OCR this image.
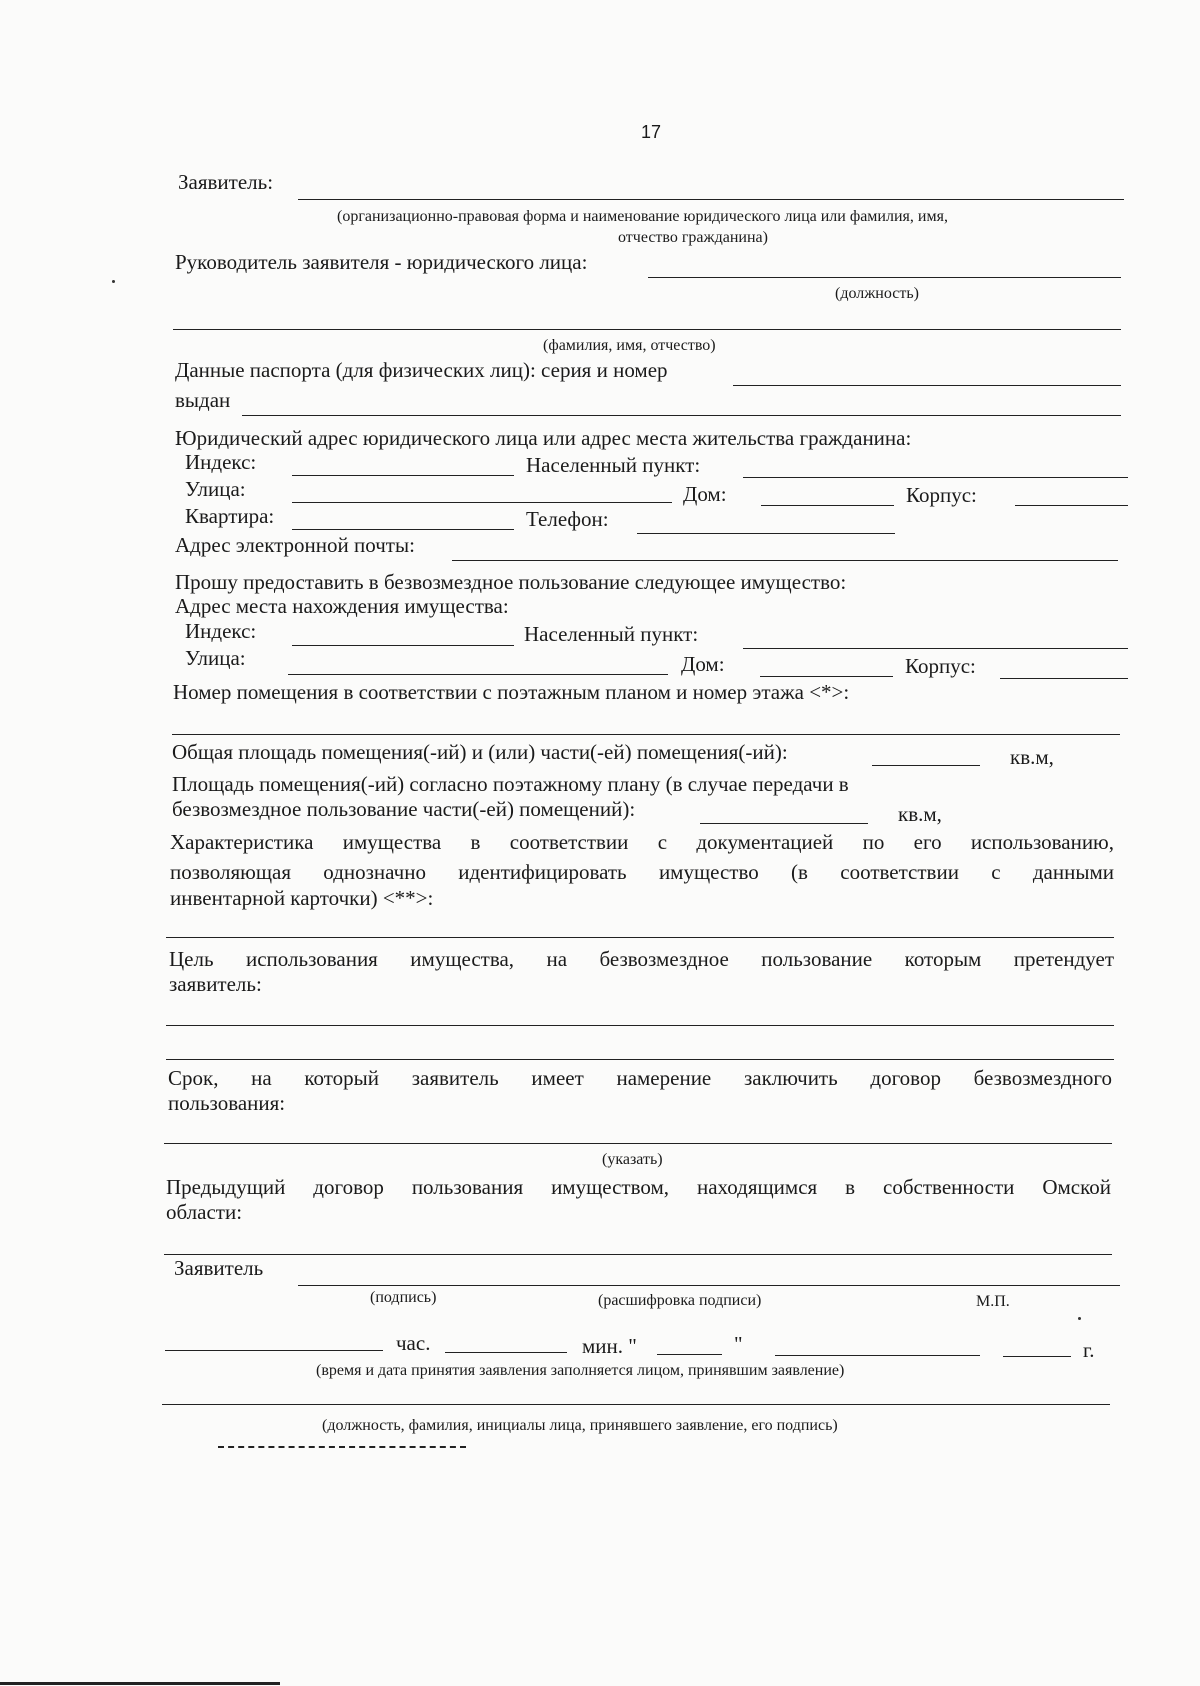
17
Заявитель:
(организационно-правовая форма и наименование юридического лица или фамилия, имя,
отчество гражданина)
Руководитель заявителя - юридического лица:
(должность)
(фамилия, имя, отчество)
Данные паспорта (для физических лиц): серия и номер
выдан
Юридический адрес юридического лица или адрес места жительства гражданина:
Индекс:	Населенный пункт:
Улица:	Дом:	Корпус:
Квартира:	Телефон:
Адрес электронной почты:
Прошу предоставить в безвозмездное пользование следующее имущество:
Адрес места нахождения имущества:
Индекс:	Населенный пункт:
Улица:	Дом:	Корпус:
Номер помещения в соответствии с поэтажным планом и номер этажа <*>:
Общая площадь помещения(-ий) и (или) части(-ей) помещения(-ий):	кв.м,
Площадь помещения(-ий) согласно поэтажному плану (в случае передачи в
безвозмездное пользование части(-ей) помещений):	кв.м,
Характеристика имущества в соответствии с документацией по его использованию,
позволяющая однозначно идентифицировать имущество (в соответствии с данными
инвентарной карточки) <**>:
Цель использования имущества, на безвозмездное пользование которым претендует
заявитель:
Срок, на который заявитель имеет намерение заключить договор безвозмездного
пользования:
(указать)
Предыдущий договор пользования имуществом, находящимся в собственности Омской
области:
Заявитель
(подпись)	(расшифровка подписи)	М.П.
час.	мин. "	"	г.
(время и дата принятия заявления заполняется лицом, принявшим заявление)
(должность, фамилия, инициалы лица, принявшего заявление, его подпись)
